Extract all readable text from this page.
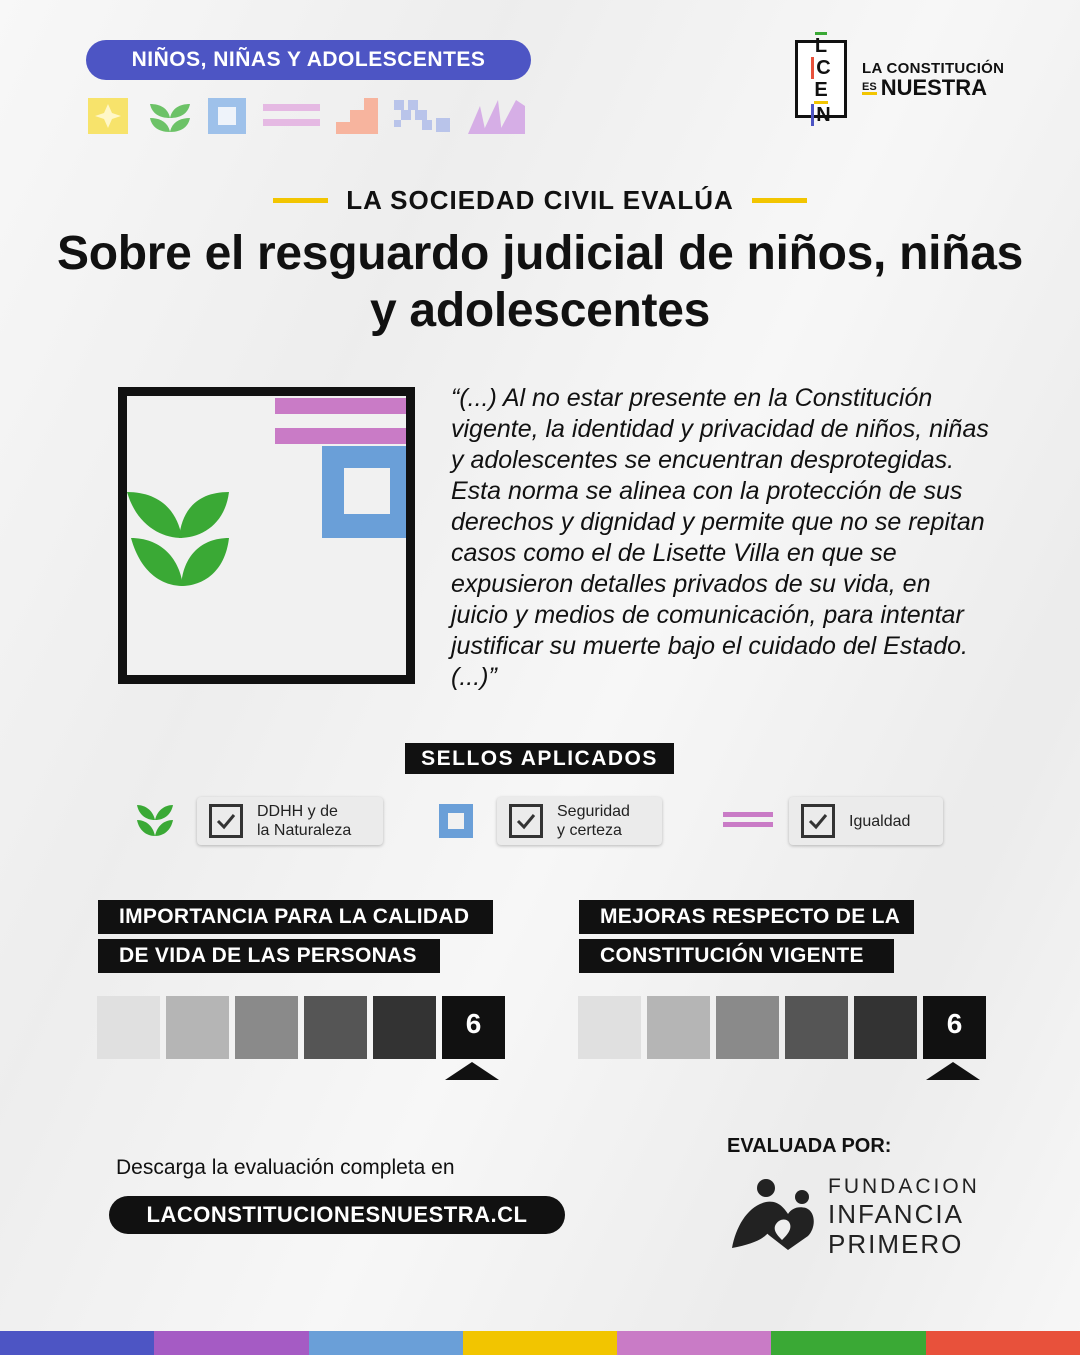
NIÑOS, NIÑAS Y ADOLESCENTES
L
C
E
N
LA CONSTITUCIÓN
ES NUESTRA
LA SOCIEDAD CIVIL EVALÚA
Sobre el resguardo judicial de niños, niñas y adolescentes
“(...) Al no estar presente en la Constitución vigente, la identidad y privacidad de niños, niñas y adolescentes se encuentran desprotegidas. Esta norma se alinea con la protección de sus derechos y dignidad y permite que no se repitan casos como el de Lisette Villa en que se expusieron detalles privados de su vida, en juicio y medios de comunicación, para intentar justificar su muerte bajo el cuidado del Estado. (...)”
SELLOS APLICADOS
DDHH y de
la Naturaleza
Seguridad
y certeza
Igualdad
IMPORTANCIA PARA LA CALIDAD
DE VIDA DE LAS PERSONAS
6
MEJORAS RESPECTO DE LA
CONSTITUCIÓN VIGENTE
6
Descarga la evaluación completa en
LACONSTITUCIONESNUESTRA.CL
EVALUADA POR:
FUNDACION
INFANCIA
PRIMERO
